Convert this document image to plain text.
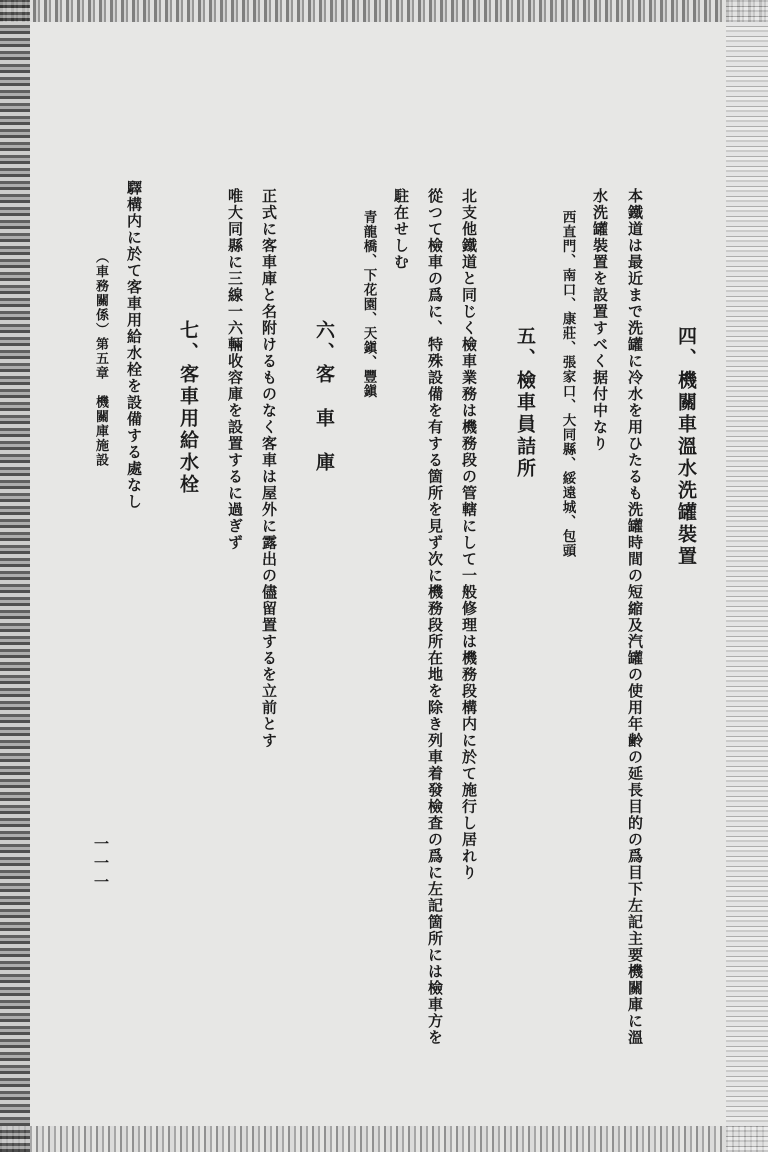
四、機關車溫水洗罐裝置
本鐵道は最近まで洗罐に冷水を用ひたるも洗罐時間の短縮及汽罐の使用年齢の延長目的の爲目下左記主要機關庫に溫
水洗罐裝置を設置すべく据付中なり
西直門、南口、康莊、張家口、大同縣、綏遠城、包頭
五、檢車員詰所
北支他鐵道と同じく檢車業務は機務段の管轄にして一般修理は機務段構内に於て施行し居れり
從つて檢車の爲に、特殊設備を有する箇所を見ず次に機務段所在地を除き列車着發檢査の爲に左記箇所には檢車方を
駐在せしむ
青龍橋、下花園、天鎭、豐鎭
六、客　車　庫
正式に客車庫と名附けるものなく客車は屋外に露出の儘留置するを立前とす
唯大同縣に三線一六輛收容庫を設置するに過ぎず
七、客車用給水栓
驛構内に於て客車用給水栓を設備する處なし
（車務關係）第五章　機關庫施設
一一一
